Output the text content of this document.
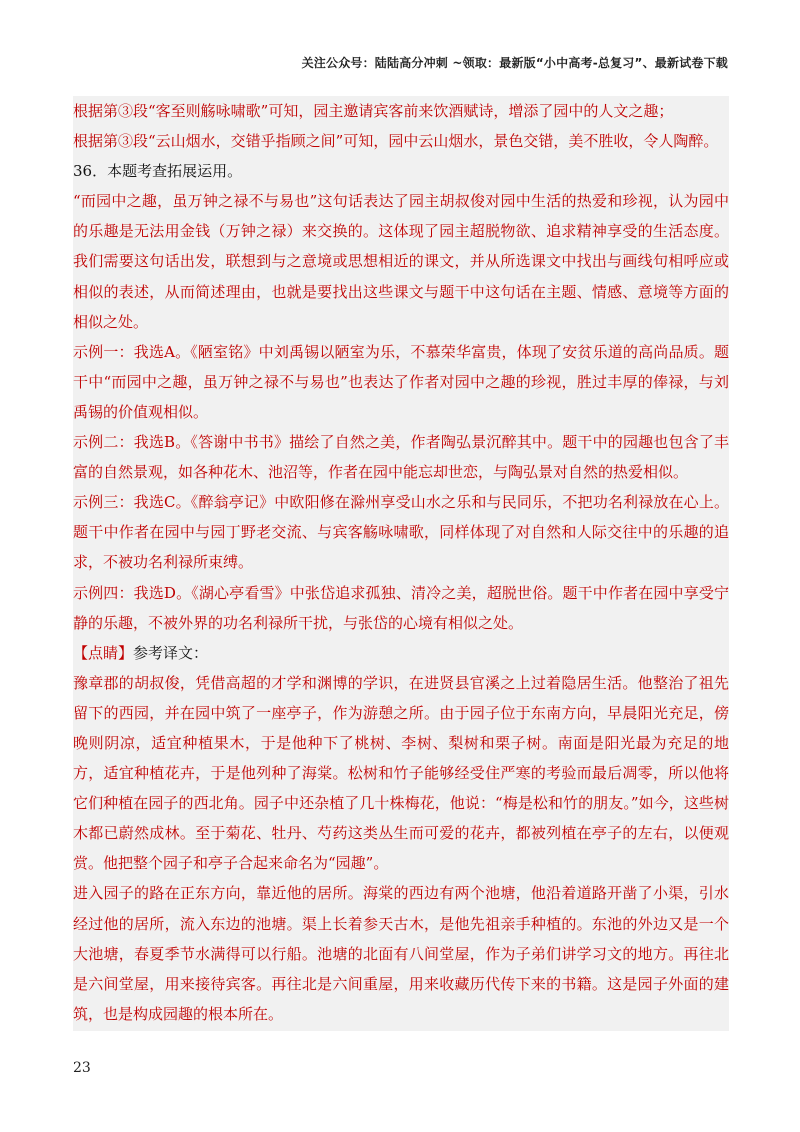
关注公众号：陆陆高分冲刺 ~领取：最新版“小中高考-总复习”、最新试卷下载

根据第③段“客至则觞咏啸歌”可知，园主邀请宾客前来饮酒赋诗，增添了园中的人文之趣；

根据第③段“云山烟水，交错乎指顾之间”可知，园中云山烟水，景色交错，美不胜收，令人陶醉。

36．本题考查拓展运用。

“而园中之趣，虽万钟之禄不与易也”这句话表达了园主胡叔俊对园中生活的热爱和珍视，认为园中的乐趣是无法用金钱（万钟之禄）来交换的。这体现了园主超脱物欲、追求精神享受的生活态度。我们需要这句话出发，联想到与之意境或思想相近的课文，并从所选课文中找出与画线句相呼应或相似的表述，从而简述理由，也就是要找出这些课文与题干中这句话在主题、情感、意境等方面的相似之处。

示例一：我选A。《陋室铭》中刘禹锡以陋室为乐，不慕荣华富贵，体现了安贫乐道的高尚品质。题干中“而园中之趣，虽万钟之禄不与易也”也表达了作者对园中之趣的珍视，胜过丰厚的俸禄，与刘禹锡的价值观相似。

示例二：我选B。《答谢中书书》描绘了自然之美，作者陶弘景沉醉其中。题干中的园趣也包含了丰富的自然景观，如各种花木、池沼等，作者在园中能忘却世恋，与陶弘景对自然的热爱相似。

示例三：我选C。《醉翁亭记》中欧阳修在滁州享受山水之乐和与民同乐，不把功名利禄放在心上。题干中作者在园中与园丁野老交流、与宾客觞咏啸歌，同样体现了对自然和人际交往中的乐趣的追求，不被功名利禄所束缚。

示例四：我选D。《湖心亭看雪》中张岱追求孤独、清冷之美，超脱世俗。题干中作者在园中享受宁静的乐趣，不被外界的功名利禄所干扰，与张岱的心境有相似之处。

【点睛】参考译文：

豫章郡的胡叔俊，凭借高超的才学和渊博的学识，在进贤县官溪之上过着隐居生活。他整治了祖先留下的西园，并在园中筑了一座亭子，作为游憩之所。由于园子位于东南方向，早晨阳光充足，傍晚则阴凉，适宜种植果木，于是他种下了桃树、李树、梨树和栗子树。南面是阳光最为充足的地方，适宜种植花卉，于是他列种了海棠。松树和竹子能够经受住严寒的考验而最后凋零，所以他将它们种植在园子的西北角。园子中还杂植了几十株梅花，他说：“梅是松和竹的朋友。”如今，这些树木都已蔚然成林。至于菊花、牡丹、芍药这类丛生而可爱的花卉，都被列植在亭子的左右，以便观赏。他把整个园子和亭子合起来命名为“园趣”。

进入园子的路在正东方向，靠近他的居所。海棠的西边有两个池塘，他沿着道路开凿了小渠，引水经过他的居所，流入东边的池塘。渠上长着参天古木，是他先祖亲手种植的。东池的外边又是一个大池塘，春夏季节水满得可以行船。池塘的北面有八间堂屋，作为子弟们讲学习文的地方。再往北是六间堂屋，用来接待宾客。再往北是六间重屋，用来收藏历代传下来的书籍。这是园子外面的建筑，也是构成园趣的根本所在。

23
